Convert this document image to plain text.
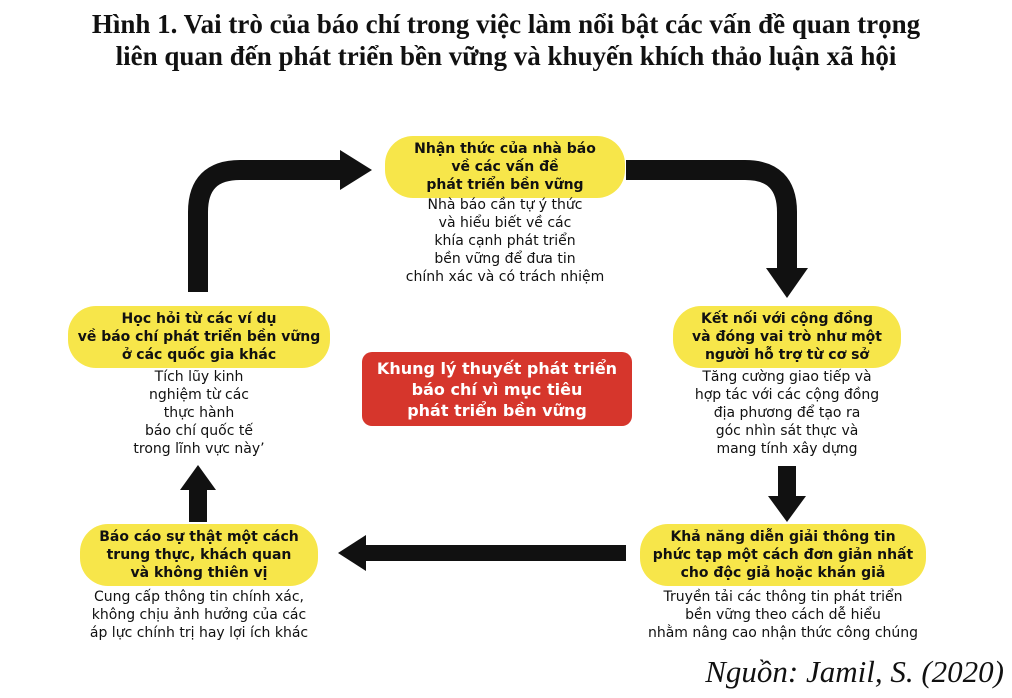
Hình 1. Vai trò của báo chí trong việc làm nổi bật các vấn đề quan trọng
liên quan đến phát triển bền vững và khuyến khích thảo luận xã hội
Nhận thức của nhà báo
về các vấn đề
phát triển bền vững
Nhà báo cần tự ý thức
và hiểu biết về các
khía cạnh phát triển
bền vững để đưa tin
chính xác và có trách nhiệm
Kết nối với cộng đồng
và đóng vai trò như một
người hỗ trợ từ cơ sở
Tăng cường giao tiếp và
hợp tác với các cộng đồng
địa phương để tạo ra
góc nhìn sát thực và
mang tính xây dựng
Khả năng diễn giải thông tin
phức tạp một cách đơn giản nhất
cho độc giả hoặc khán giả
Truyền tải các thông tin phát triển
bền vững theo cách dễ hiểu
nhằm nâng cao nhận thức công chúng
Báo cáo sự thật một cách
trung thực, khách quan
và không thiên vị
Cung cấp thông tin chính xác,
không chịu ảnh hưởng của các
áp lực chính trị hay lợi ích khác
Học hỏi từ các ví dụ
về báo chí phát triển bền vững
ở các quốc gia khác
Tích lũy kinh
nghiệm từ các
thực hành
báo chí quốc tế
trong lĩnh vực này’
Khung lý thuyết phát triển
báo chí vì mục tiêu
phát triển bền vững
Nguồn: Jamil, S. (2020)
